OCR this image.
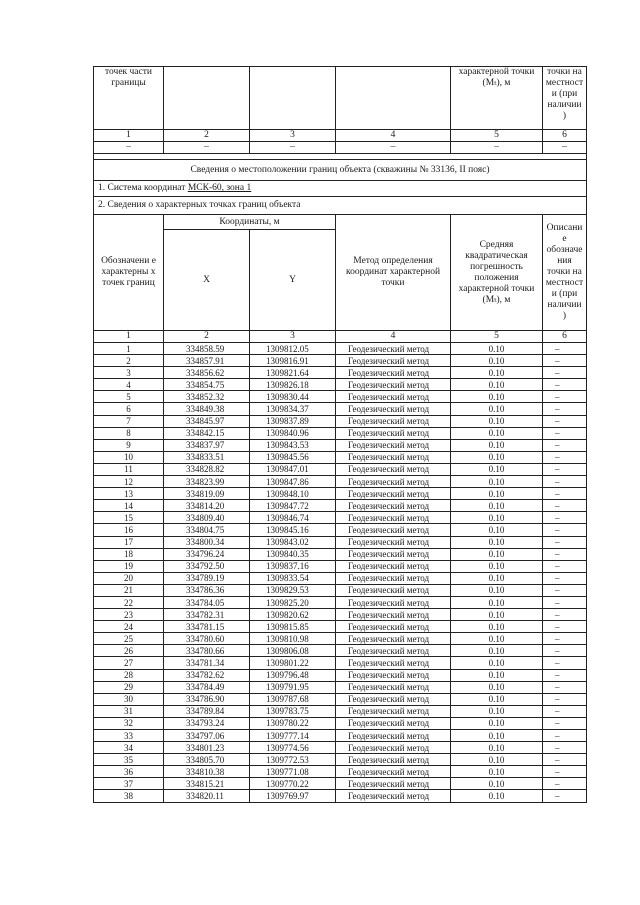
точек части границы				характерной точки (Mₜ), м	точки на местност и (при наличии )
1	2	3	4	5	6
–	–	–	–	–	–

Сведения о местоположении границ объекта (скважины № 33136, II пояс)					
1. Система координат МСК-60, зона 1					
2. Сведения о характерных точках границ объекта					
Обозначени е характерны х точек границ	Координаты, м		Метод определения координат характерной точки	Средняя квадратическая погрешность положения характерной точки (Mₜ), м	Описани е обозначе ния точки на местност и (при наличии )
	X	Y			
1	2	3	4	5	6
1	334858.59	1309812.05	Геодезический метод	0.10	–
2	334857.91	1309816.91	Геодезический метод	0.10	–
3	334856.62	1309821.64	Геодезический метод	0.10	–
4	334854.75	1309826.18	Геодезический метод	0.10	–
5	334852.32	1309830.44	Геодезический метод	0.10	–
6	334849.38	1309834.37	Геодезический метод	0.10	–
7	334845.97	1309837.89	Геодезический метод	0.10	–
8	334842.15	1309840.96	Геодезический метод	0.10	–
9	334837.97	1309843.53	Геодезический метод	0.10	–
10	334833.51	1309845.56	Геодезический метод	0.10	–
11	334828.82	1309847.01	Геодезический метод	0.10	–
12	334823.99	1309847.86	Геодезический метод	0.10	–
13	334819.09	1309848.10	Геодезический метод	0.10	–
14	334814.20	1309847.72	Геодезический метод	0.10	–
15	334809.40	1309846.74	Геодезический метод	0.10	–
16	334804.75	1309845.16	Геодезический метод	0.10	–
17	334800.34	1309843.02	Геодезический метод	0.10	–
18	334796.24	1309840.35	Геодезический метод	0.10	–
19	334792.50	1309837.16	Геодезический метод	0.10	–
20	334789.19	1309833.54	Геодезический метод	0.10	–
21	334786.36	1309829.53	Геодезический метод	0.10	–
22	334784.05	1309825.20	Геодезический метод	0.10	–
23	334782.31	1309820.62	Геодезический метод	0.10	–
24	334781.15	1309815.85	Геодезический метод	0.10	–
25	334780.60	1309810.98	Геодезический метод	0.10	–
26	334780.66	1309806.08	Геодезический метод	0.10	–
27	334781.34	1309801.22	Геодезический метод	0.10	–
28	334782.62	1309796.48	Геодезический метод	0.10	–
29	334784.49	1309791.95	Геодезический метод	0.10	–
30	334786.90	1309787.68	Геодезический метод	0.10	–
31	334789.84	1309783.75	Геодезический метод	0.10	–
32	334793.24	1309780.22	Геодезический метод	0.10	–
33	334797.06	1309777.14	Геодезический метод	0.10	–
34	334801.23	1309774.56	Геодезический метод	0.10	–
35	334805.70	1309772.53	Геодезический метод	0.10	–
36	334810.38	1309771.08	Геодезический метод	0.10	–
37	334815.21	1309770.22	Геодезический метод	0.10	–
38	334820.11	1309769.97	Геодезический метод	0.10	–
